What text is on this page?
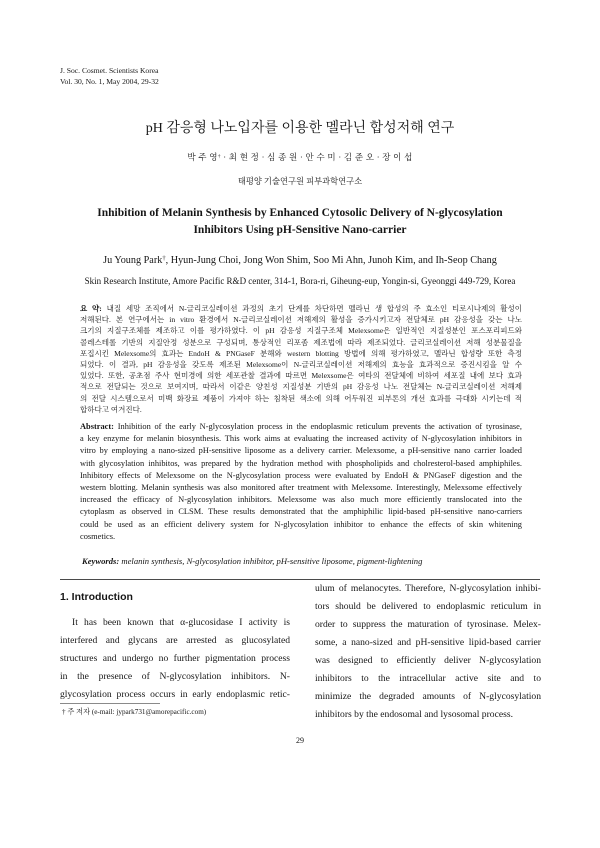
J. Soc. Cosmet. Scientists Korea
Vol. 30, No. 1, May 2004, 29-32
pH 감응형 나노입자를 이용한 멜라닌 합성저해 연구
박 주 영† · 최 현 정 · 심 종 원 · 안 수 미 · 김 준 오 · 장 이 섭
태평양 기술연구원 피부과학연구소
Inhibition of Melanin Synthesis by Enhanced Cytosolic Delivery of N-glycosylation
Inhibitors Using pH-Sensitive Nano-carrier
Ju Young Park†, Hyun-Jung Choi, Jong Won Shim, Soo Mi Ahn, Junoh Kim, and Ih-Seop Chang
Skin Research Institute, Amore Pacific R&D center, 314-1, Bora-ri, Giheung-eup, Yongin-si, Gyeonggi 449-729, Korea
요 약: 내질 세망 조직에서 N-글리코실레이션 과정의 초기 단계를 차단하면 멜라닌 생 합성의 주 효소인 티로시나제의 활성이
저해된다. 본 연구에서는 in vitro 환경에서 N-글리코실레이션 저해제의 활성을 증가시키고자 전달체로 pH 감응성을 갖는 나노
크기의 지질구조체를 제조하고 이를 평가하였다. 이 pH 감응성 지질구조체 Melexsome은 일반적인 지질성분인 포스포리피드와
콜레스테롤 기반의 지질안정 성분으로 구성되며, 통상적인 리포좀 제조법에 따라 제조되었다. 글리코실레이션 저해 성분물질을
포집시킨 Melexsome의 효과는 EndoH & PNGaseF 분해와 western blotting 방법에 의해 평가하였고, 멜라닌 합성량 또한 측정
되었다. 이 결과, pH 감응성을 갖도록 제조된 Melexsome이 N-글리코실레이션 저해제의 효능을 효과적으로 증진시킴을 알 수
있었다. 또한, 공초점 주사 현미경에 의한 세포관찰 결과에 따르면 Melexsome은 여타의 전달체에 비하여 세포질 내에 보다 효과
적으로 전달되는 것으로 보여지며, 따라서 이같은 양친성 지질성분 기반의 pH 감응성 나노 전달체는 N-글리코실레이션 저해제
의 전달 시스템으로서 미백 화장료 제품이 가져야 하는 침착된 색소에 의해 어두워진 피부톤의 개선 효과를 극대화 시키는데 적
합하다고 여겨진다.
Abstract: Inhibition of the early N-glycosylation process in the endoplasmic reticulum prevents the activation of tyrosinase,
a key enzyme for melanin biosynthesis. This work aims at evaluating the increased activity of N-glycosylation inhibitors in
vitro by employing a nano-sized pH-sensitive liposome as a delivery carrier. Melexsome, a pH-sensitive nano carrier loaded
with glycosylation inhibitos, was prepared by the hydration method with phospholipids and cholresterol-based amphiphiles.
Inhibitory effects of Melexsome on the N-glycosylation process were evaluated by EndoH & PNGaseF digestion and the
western blotting. Melanin synthesis was also monitored after treatment with Melexsome. Interestingly, Melexsome effectively
increased the efficacy of N-glycosylation inhibitors. Melexsome was also much more efficiently translocated into the
cytoplasm as observed in CLSM. These results demonstrated that the amphiphilic lipid-based pH-sensitive nano-carriers
could be used as an efficient delivery system for N-glycosylation inhibitor to enhance the effects of skin whitening
cosmetics.
Keywords: melanin synthesis, N-glycosylation inhibitor, pH-sensitive liposome, pigment-lightening
1. Introduction
It has been known that α-glucosidase I activity is
interfered and glycans are arrested as glucosylated
structures and undergo no further pigmentation process
in the presence of N-glycosylation inhibitors. N-
glycosylation process occurs in early endoplasmic retic-
ulum of melanocytes. Therefore, N-glycosylation inhibi-
tors should be delivered to endoplasmic reticulum in
order to suppress the maturation of tyrosinase. Melex-
some, a nano-sized and pH-sensitive lipid-based carrier
was designed to efficiently deliver N-glycosylation
inhibitors to the intracellular active site and to
minimize the degraded amounts of N-glycosylation
inhibitors by the endosomal and lysosomal process.
† 주 저자 (e-mail: jypark731@amorepacific.com)
29
